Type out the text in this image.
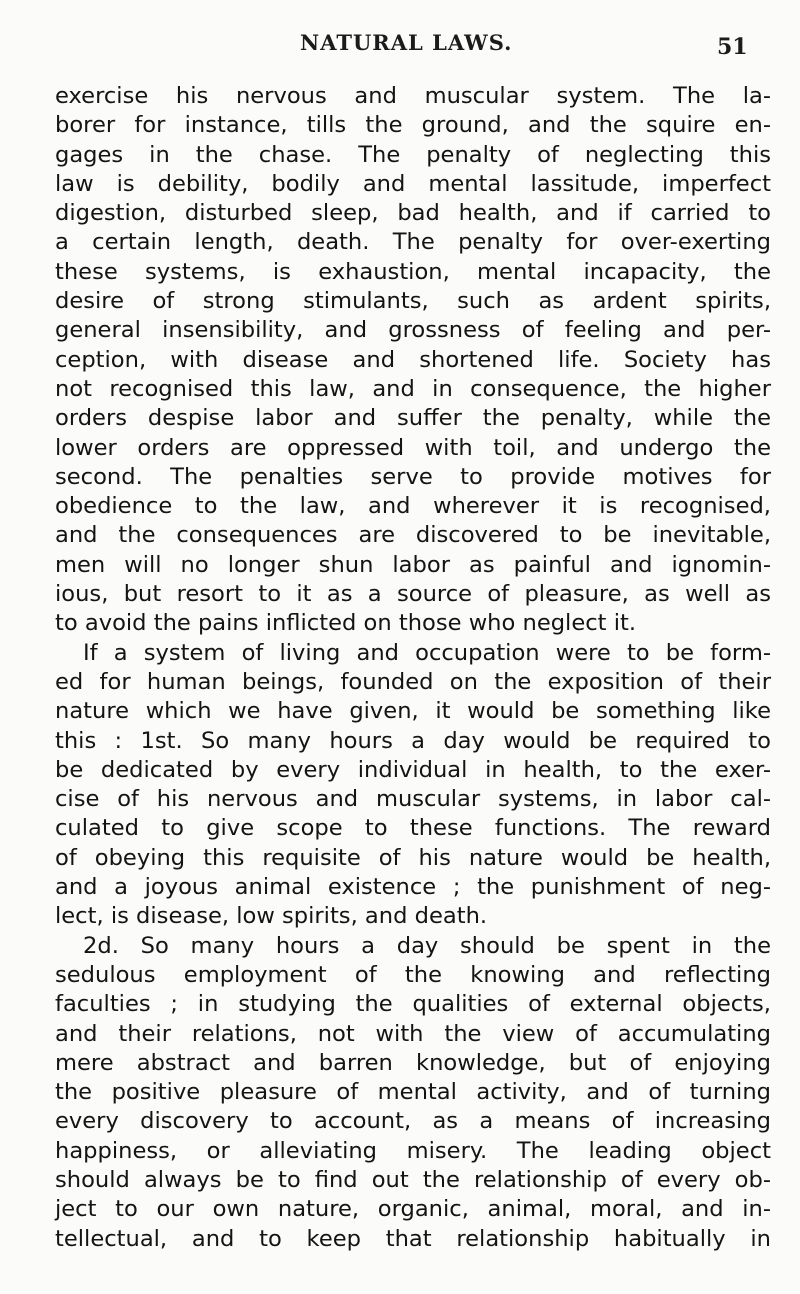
NATURAL LAWS.	51
exercise his nervous and muscular system. The la-
borer for instance, tills the ground, and the squire en-
gages in the chase. The penalty of neglecting this
law is debility, bodily and mental lassitude, imperfect
digestion, disturbed sleep, bad health, and if carried to
a certain length, death. The penalty for over-exerting
these systems, is exhaustion, mental incapacity, the
desire of strong stimulants, such as ardent spirits,
general insensibility, and grossness of feeling and per-
ception, with disease and shortened life. Society has
not recognised this law, and in consequence, the higher
orders despise labor and suffer the penalty, while the
lower orders are oppressed with toil, and undergo the
second. The penalties serve to provide motives for
obedience to the law, and wherever it is recognised,
and the consequences are discovered to be inevitable,
men will no longer shun labor as painful and ignomin-
ious, but resort to it as a source of pleasure, as well as
to avoid the pains inflicted on those who neglect it.
If a system of living and occupation were to be form-
ed for human beings, founded on the exposition of their
nature which we have given, it would be something like
this : 1st. So many hours a day would be required to
be dedicated by every individual in health, to the exer-
cise of his nervous and muscular systems, in labor cal-
culated to give scope to these functions. The reward
of obeying this requisite of his nature would be health,
and a joyous animal existence ; the punishment of neg-
lect, is disease, low spirits, and death.
2d. So many hours a day should be spent in the
sedulous employment of the knowing and reflecting
faculties ; in studying the qualities of external objects,
and their relations, not with the view of accumulating
mere abstract and barren knowledge, but of enjoying
the positive pleasure of mental activity, and of turning
every discovery to account, as a means of increasing
happiness, or alleviating misery. The leading object
should always be to find out the relationship of every ob-
ject to our own nature, organic, animal, moral, and in-
tellectual, and to keep that relationship habitually in
